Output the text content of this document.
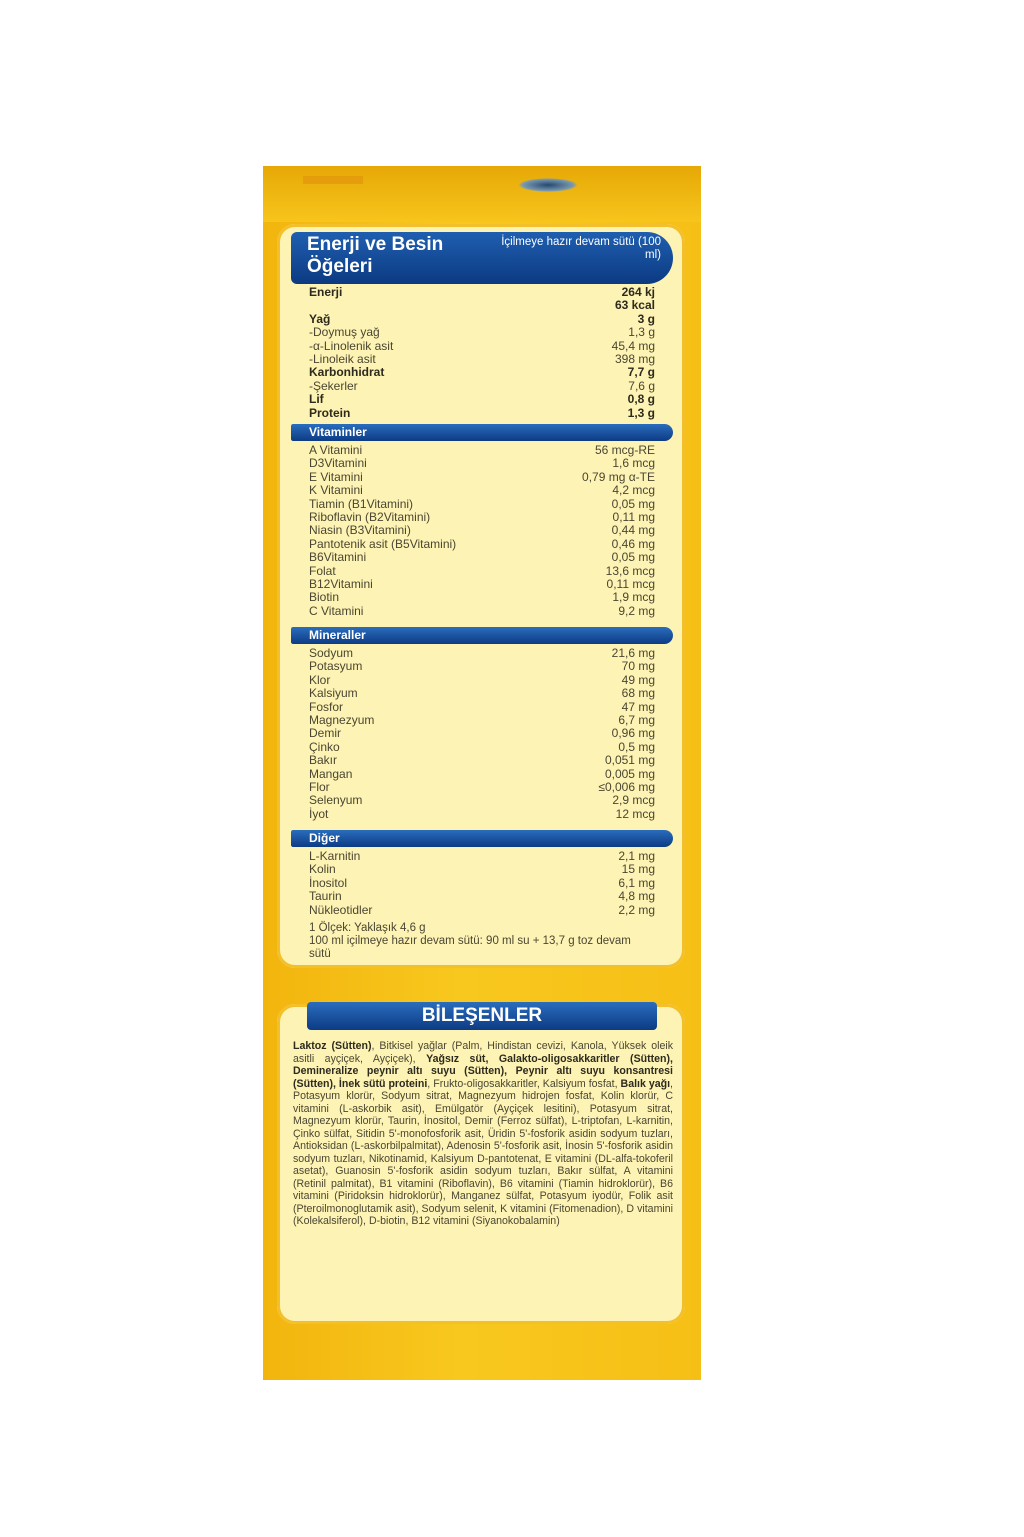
Enerji ve Besin Öğeleri
İçilmeye hazır devam sütü (100 ml)
Enerji	264 kj
63 kcal
Yağ	3 g
-Doymuş yağ	1,3 g
-α-Linolenik asit	45,4 mg
-Linoleik asit	398 mg
Karbonhidrat	7,7 g
-Şekerler	7,6 g
Lif	0,8 g
Protein	1,3 g
Vitaminler
A Vitamini	56 mcg-RE
D3Vitamini	1,6 mcg
E Vitamini	0,79 mg α-TE
K Vitamini	4,2 mcg
Tiamin (B1Vitamini)	0,05 mg
Riboflavin (B2Vitamini)	0,11 mg
Niasin (B3Vitamini)	0,44 mg
Pantotenik asit (B5Vitamini)	0,46 mg
B6Vitamini	0,05 mg
Folat	13,6 mcg
B12Vitamini	0,11 mcg
Biotin	1,9 mcg
C Vitamini	9,2 mg
Mineraller
Sodyum	21,6 mg
Potasyum	70 mg
Klor	49 mg
Kalsiyum	68 mg
Fosfor	47 mg
Magnezyum	6,7 mg
Demir	0,96 mg
Çinko	0,5 mg
Bakır	0,051 mg
Mangan	0,005 mg
Flor	≤0,006 mg
Selenyum	2,9 mcg
İyot	12 mcg
Diğer
L-Karnitin	2,1 mg
Kolin	15 mg
İnositol	6,1 mg
Taurin	4,8 mg
Nükleotidler	2,2 mg
1 Ölçek: Yaklaşık 4,6 g
100 ml içilmeye hazır devam sütü: 90 ml su + 13,7 g toz devam sütü
BİLEŞENLER
Laktoz (Sütten), Bitkisel yağlar (Palm, Hindistan cevizi, Kanola, Yüksek oleik asitli ayçiçek, Ayçiçek), Yağsız süt, Galakto-oligosakkaritler (Sütten), Demineralize peynir altı suyu (Sütten), Peynir altı suyu konsantresi (Sütten), İnek sütü proteini, Frukto-oligosakkaritler, Kalsiyum fosfat, Balık yağı, Potasyum klorür, Sodyum sitrat, Magnezyum hidrojen fosfat, Kolin klorür, C vitamini (L-askorbik asit), Emülgatör (Ayçiçek lesitini), Potasyum sitrat, Magnezyum klorür, Taurin, İnositol, Demir (Ferroz sülfat), L-triptofan, L-karnitin, Çinko sülfat, Sitidin 5'-monofosforik asit, Üridin 5'-fosforik asidin sodyum tuzları, Antioksidan (L-askorbilpalmitat), Adenosin 5'-fosforik asit, İnosin 5'-fosforik asidin sodyum tuzları, Nikotinamid, Kalsiyum D-pantotenat, E vitamini (DL-alfa-tokoferil asetat), Guanosin 5'-fosforik asidin sodyum tuzları, Bakır sülfat, A vitamini (Retinil palmitat), B1 vitamini (Riboflavin), B6 vitamini (Tiamin hidroklorür), B6 vitamini (Piridoksin hidroklorür), Manganez sülfat, Potasyum iyodür, Folik asit (Pteroilmonoglutamik asit), Sodyum selenit, K vitamini (Fitomenadion), D vitamini (Kolekalsiferol), D-biotin, B12 vitamini (Siyanokobalamin)
